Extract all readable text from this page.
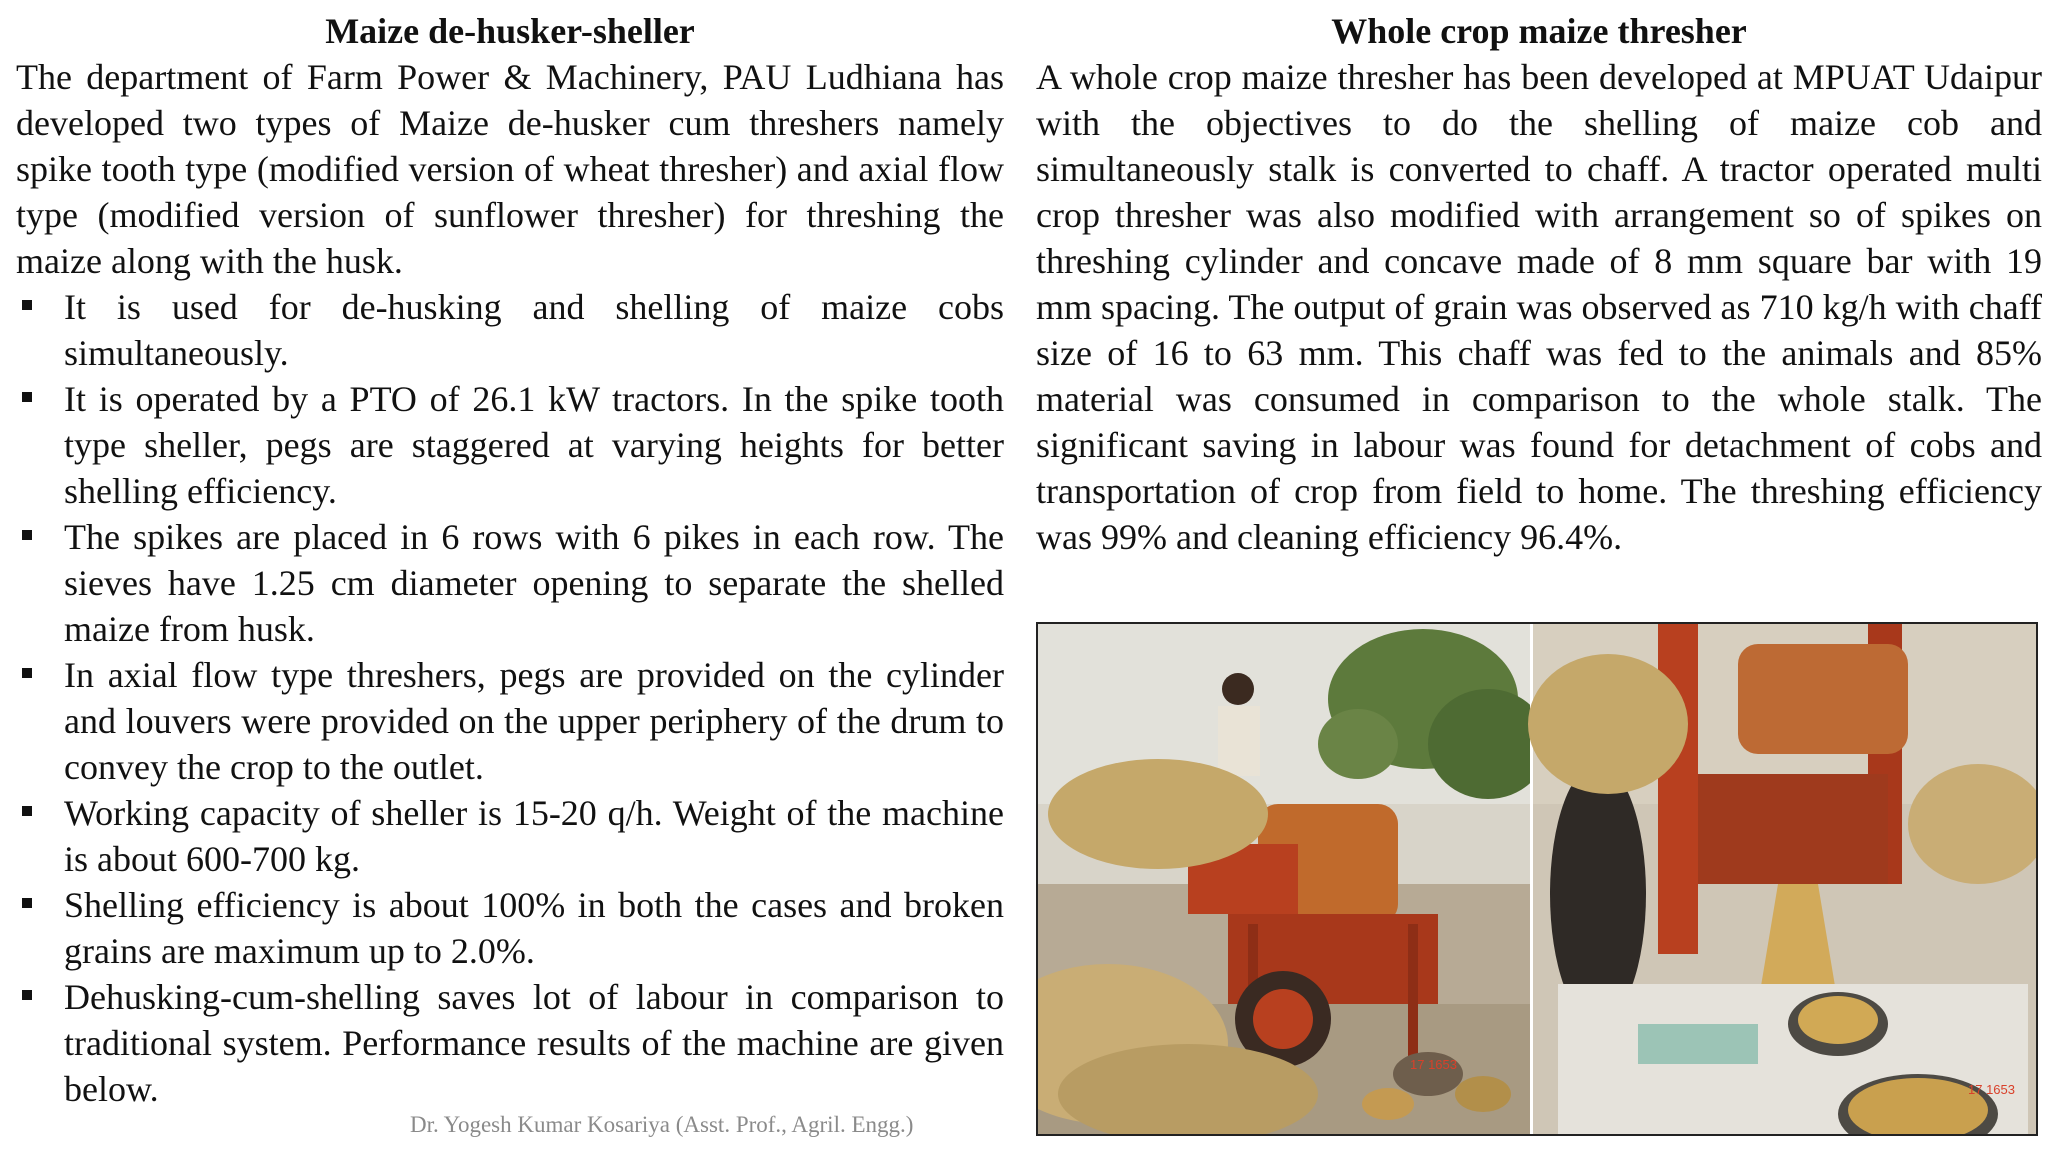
Maize de-husker-sheller

The department of Farm Power & Machinery, PAU Ludhiana has developed two types of Maize de-husker cum threshers namely spike tooth type (modified version of wheat thresher) and axial flow type (modified version of sunflower thresher) for threshing the maize along with the husk.

It is used for de-husking and shelling of maize cobs simultaneously.
It is operated by a PTO of 26.1 kW tractors. In the spike tooth type sheller, pegs are staggered at varying heights for better shelling efficiency.
The spikes are placed in 6 rows with 6 pikes in each row. The sieves have 1.25 cm diameter opening to separate the shelled maize from husk.
In axial flow type threshers, pegs are provided on the cylinder and louvers were provided on the upper periphery of the drum to convey the crop to the outlet.
Working capacity of sheller is 15-20 q/h. Weight of the machine is about 600-700 kg.
Shelling efficiency is about 100% in both the cases and broken grains are maximum up to 2.0%.
Dehusking-cum-shelling saves lot of labour in comparison to traditional system. Performance results of the machine are given below.
Whole crop maize thresher

A whole crop maize thresher has been developed at MPUAT Udaipur with the objectives to do the shelling of maize cob and simultaneously stalk is converted to chaff. A tractor operated multi crop thresher was also modified with arrangement so of spikes on threshing cylinder and concave made of 8 mm square bar with 19 mm spacing. The output of grain was observed as 710 kg/h with chaff size of 16 to 63 mm. This chaff was fed to the animals and 85% material was consumed in comparison to the whole stalk. The significant saving in labour was found for detachment of cobs and transportation of crop from field to home. The threshing efficiency was 99% and cleaning efficiency 96.4%.

17 1653
17 1653
Dr. Yogesh Kumar Kosariya (Asst. Prof., Agril. Engg.)
